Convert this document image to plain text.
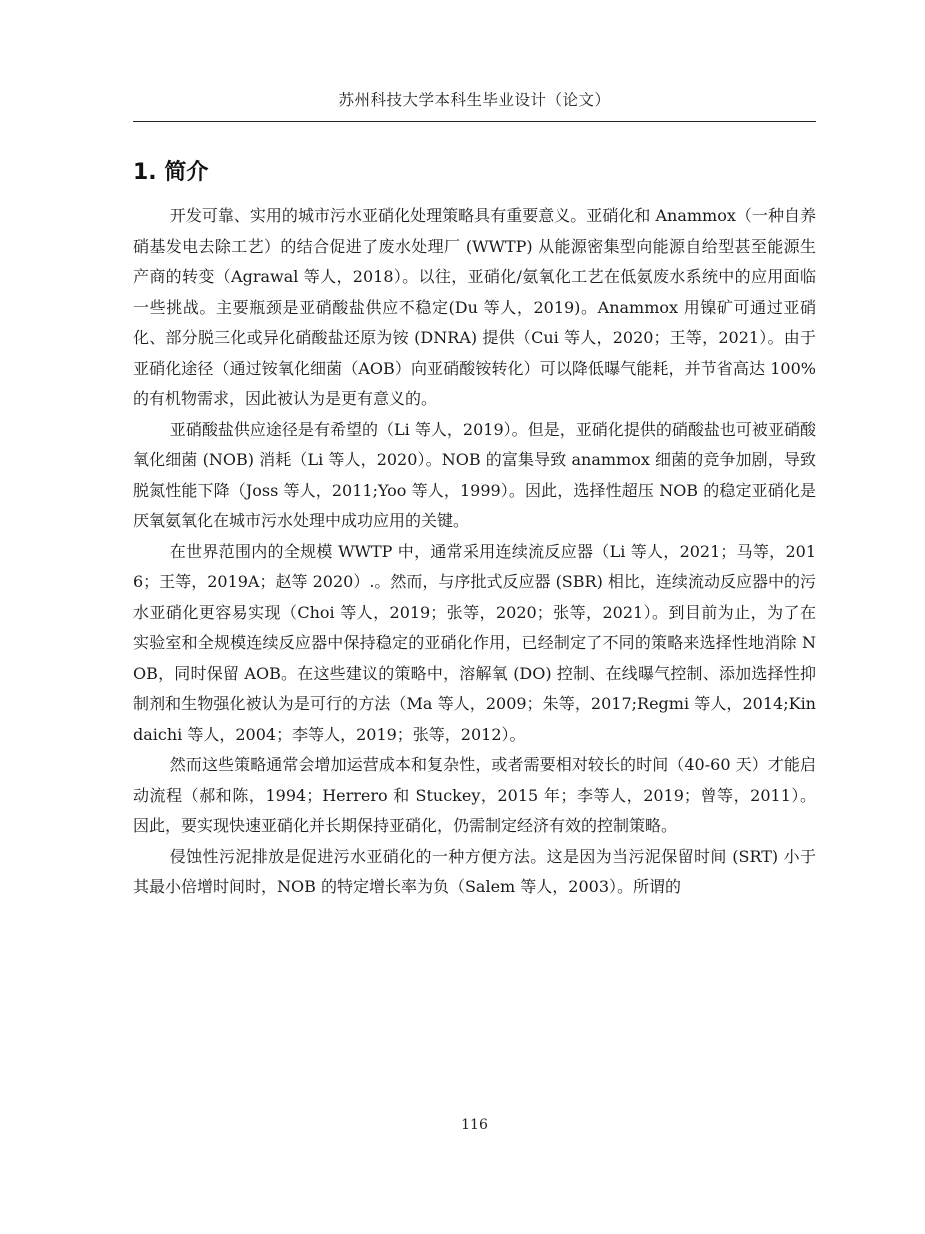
苏州科技大学本科生毕业设计（论文）
1. 简介

开发可靠、实用的城市污水亚硝化处理策略具有重要意义。亚硝化和 Anammox（一种自养硝基发电去除工艺）的结合促进了废水处理厂 (WWTP) 从能源密集型向能源自给型甚至能源生产商的转变（Agrawal 等人，2018）。以往，亚硝化/氨氧化工艺在低氨废水系统中的应用面临一些挑战。主要瓶颈是亚硝酸盐供应不稳定(Du 等人，2019)。Anammox 用镍矿可通过亚硝化、部分脱三化或异化硝酸盐还原为铵 (DNRA) 提供（Cui 等人，2020；王等，2021）。由于亚硝化途径（通过铵氧化细菌（AOB）向亚硝酸铵转化）可以降低曝气能耗，并节省高达 100%的有机物需求，因此被认为是更有意义的。

亚硝酸盐供应途径是有希望的（Li 等人，2019）。但是，亚硝化提供的硝酸盐也可被亚硝酸氧化细菌 (NOB) 消耗（Li 等人，2020）。NOB 的富集导致 anammox 细菌的竞争加剧，导致脱氮性能下降（Joss 等人，2011;Yoo 等人，1999）。因此，选择性超压 NOB 的稳定亚硝化是厌氧氨氧化在城市污水处理中成功应用的关键。

在世界范围内的全规模 WWTP 中，通常采用连续流反应器（Li 等人，2021；马等，2016；王等，2019A；赵等 2020）.。然而，与序批式反应器 (SBR) 相比，连续流动反应器中的污水亚硝化更容易实现（Choi 等人，2019；张等，2020；张等，2021）。到目前为止，为了在实验室和全规模连续反应器中保持稳定的亚硝化作用，已经制定了不同的策略来选择性地消除 NOB，同时保留 AOB。在这些建议的策略中，溶解氧 (DO) 控制、在线曝气控制、添加选择性抑制剂和生物强化被认为是可行的方法（Ma 等人，2009；朱等，2017;Regmi 等人，2014;Kindaichi 等人，2004；李等人，2019；张等，2012）。

然而这些策略通常会增加运营成本和复杂性，或者需要相对较长的时间（40-60 天）才能启动流程（郝和陈，1994；Herrero 和 Stuckey，2015 年；李等人，2019；曾等，2011）。因此，要实现快速亚硝化并长期保持亚硝化，仍需制定经济有效的控制策略。

侵蚀性污泥排放是促进污水亚硝化的一种方便方法。这是因为当污泥保留时间 (SRT) 小于其最小倍增时间时，NOB 的特定增长率为负（Salem 等人，2003）。所谓的

116
